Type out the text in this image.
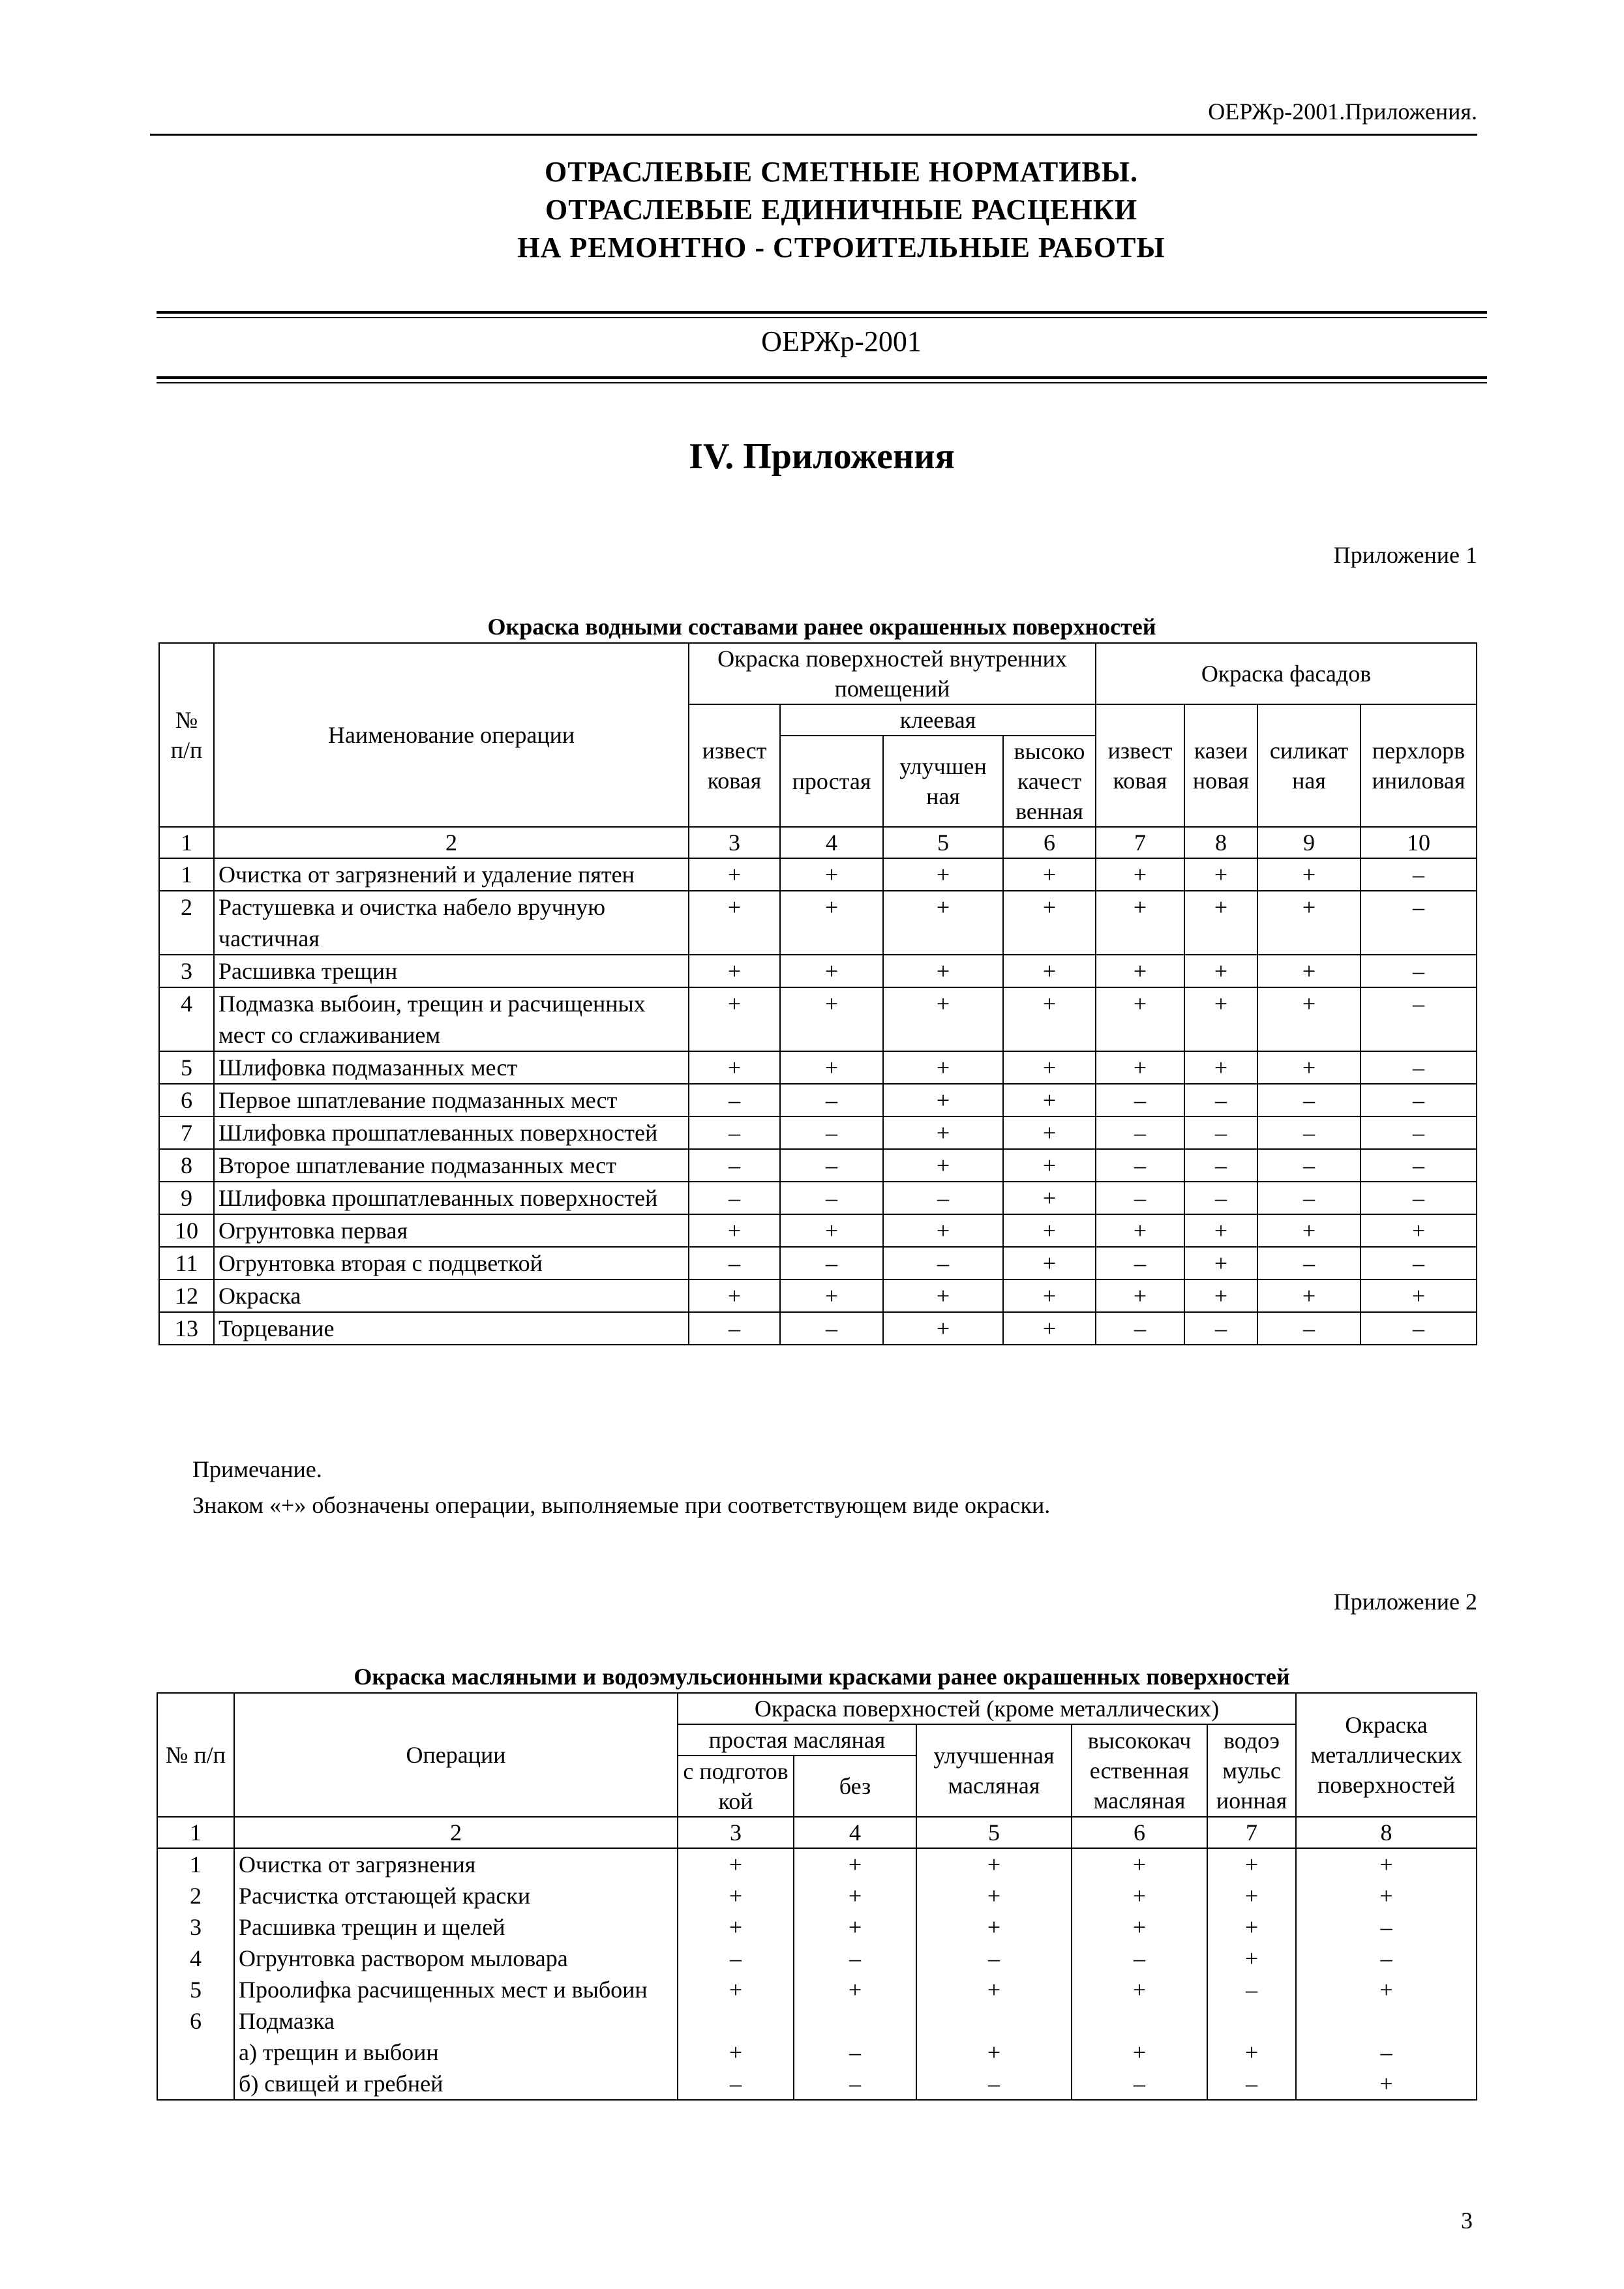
ОЕРЖр-2001.Приложения.
ОТРАСЛЕВЫЕ СМЕТНЫЕ НОРМАТИВЫ.
ОТРАСЛЕВЫЕ ЕДИНИЧНЫЕ РАСЦЕНКИ
НА РЕМОНТНО - СТРОИТЕЛЬНЫЕ РАБОТЫ
ОЕРЖр-2001
IV. Приложения
Приложение 1
Окраска водными составами ранее окрашенных поверхностей
№ п/п	Наименование операции	Окраска поверхностей внутренних помещений				Окраска фасадов			
		извест ковая	клеевая			извест ковая	казеи новая	силикат ная	перхлорв иниловая
			простая	улучшен ная	высоко качест венная				
1	2	3	4	5	6	7	8	9	10
1	Очистка от загрязнений и удаление пятен	+	+	+	+	+	+	+	–
2	Растушевка и очистка набело вручную частичная	+	+	+	+	+	+	+	–
3	Расшивка трещин	+	+	+	+	+	+	+	–
4	Подмазка выбоин, трещин и расчищенных мест со сглаживанием	+	+	+	+	+	+	+	–
5	Шлифовка подмазанных мест	+	+	+	+	+	+	+	–
6	Первое шпатлевание подмазанных мест	–	–	+	+	–	–	–	–
7	Шлифовка прошпатлеванных поверхностей	–	–	+	+	–	–	–	–
8	Второе шпатлевание подмазанных мест	–	–	+	+	–	–	–	–
9	Шлифовка прошпатлеванных поверхностей	–	–	–	+	–	–	–	–
10	Огрунтовка первая	+	+	+	+	+	+	+	+
11	Огрунтовка вторая с подцветкой	–	–	–	+	–	+	–	–
12	Окраска	+	+	+	+	+	+	+	+
13	Торцевание	–	–	+	+	–	–	–	–
Примечание.
Знаком «+» обозначены операции, выполняемые при соответствующем виде окраски.
Приложение 2
Окраска масляными и водоэмульсионными красками ранее окрашенных поверхностей
№ п/п	Операции	Окраска поверхностей (кроме металлических)					Окраска металлических поверхностей
		простая масляная		улучшенная масляная	высококач ественная масляная	водоэ мульс ионная	
		с подготов кой	без				
1	2	3	4	5	6	7	8
1	Очистка от загрязнения	+	+	+	+	+	+
2	Расчистка отстающей краски	+	+	+	+	+	+
3	Расшивка трещин и щелей	+	+	+	+	+	–
4	Огрунтовка раствором мыловара	–	–	–	–	+	–
5	Проолифка расчищенных мест и выбоин	+	+	+	+	–	+
6	Подмазка						
	а) трещин и выбоин	+	–	+	+	+	–
	б) свищей и гребней	–	–	–	–	–	+
3
